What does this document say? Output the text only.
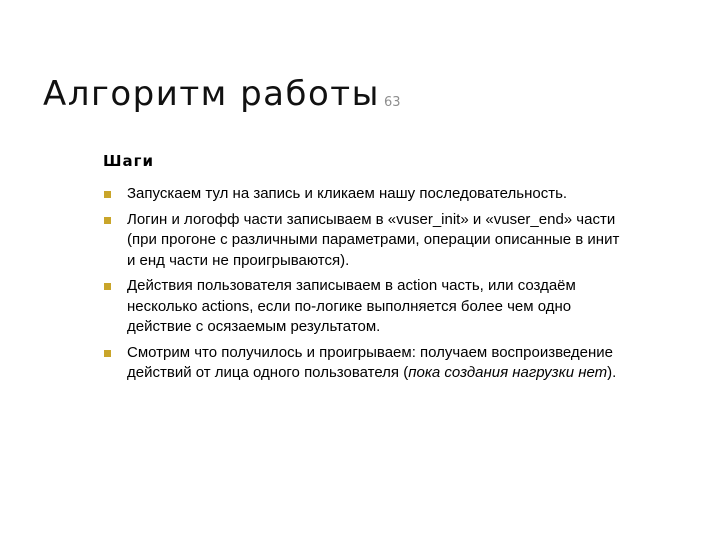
Алгоритм работы 63
Шаги
Запускаем тул на запись и кликаем нашу последовательность.
Логин и логофф части записываем в «vuser_init» и «vuser_end» части (при прогоне с различными параметрами, операции описанные в инит и енд части не проигрываются).
Действия пользователя записываем в action часть, или создаём несколько actions, если по-логике выполняется более чем одно действие с осязаемым результатом.
Смотрим что получилось и проигрываем: получаем воспроизведение действий от лица одного пользователя (пока создания нагрузки нет).
